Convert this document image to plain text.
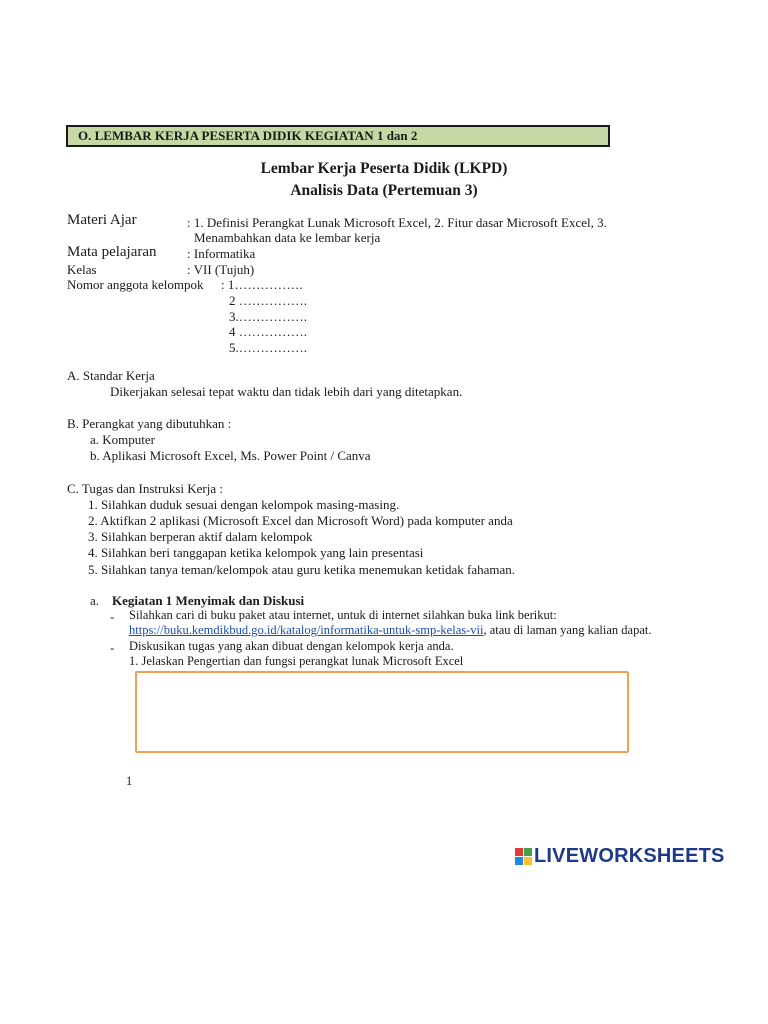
O. LEMBAR KERJA PESERTA DIDIK KEGIATAN 1 dan 2
Lembar Kerja Peserta Didik (LKPD)
Analisis Data (Pertemuan 3)
Materi Ajar	: 1. Definisi Perangkat Lunak Microsoft Excel, 2. Fitur dasar Microsoft Excel, 3.
Menambahkan data ke lembar kerja
Mata pelajaran : Informatika
Kelas	: VII (Tujuh)
Nomor anggota kelompok : 1…………….
2 …………….
3.…………….
4 …………….
5.…………….
A. Standar Kerja
Dikerjakan selesai tepat waktu dan tidak lebih dari yang ditetapkan.
B. Perangkat yang dibutuhkan :
a. Komputer
b. Aplikasi Microsoft Excel, Ms. Power Point / Canva
C. Tugas dan Instruksi Kerja :
1. Silahkan duduk sesuai dengan kelompok masing-masing.
2. Aktifkan 2 aplikasi (Microsoft Excel dan Microsoft Word) pada komputer anda
3. Silahkan berperan aktif dalam kelompok
4. Silahkan beri tanggapan ketika kelompok yang lain presentasi
5. Silahkan tanya teman/kelompok atau guru ketika menemukan ketidak fahaman.
a. Kegiatan 1 Menyimak dan Diskusi
- Silahkan cari di buku paket atau internet, untuk di internet silahkan buka link berikut:
https://buku.kemdikbud.go.id/katalog/informatika-untuk-smp-kelas-vii, atau di laman yang kalian dapat.
- Diskusikan tugas yang akan dibuat dengan kelompok kerja anda.
1. Jelaskan Pengertian dan fungsi perangkat lunak Microsoft Excel
1
LIVEWORKSHEETS
